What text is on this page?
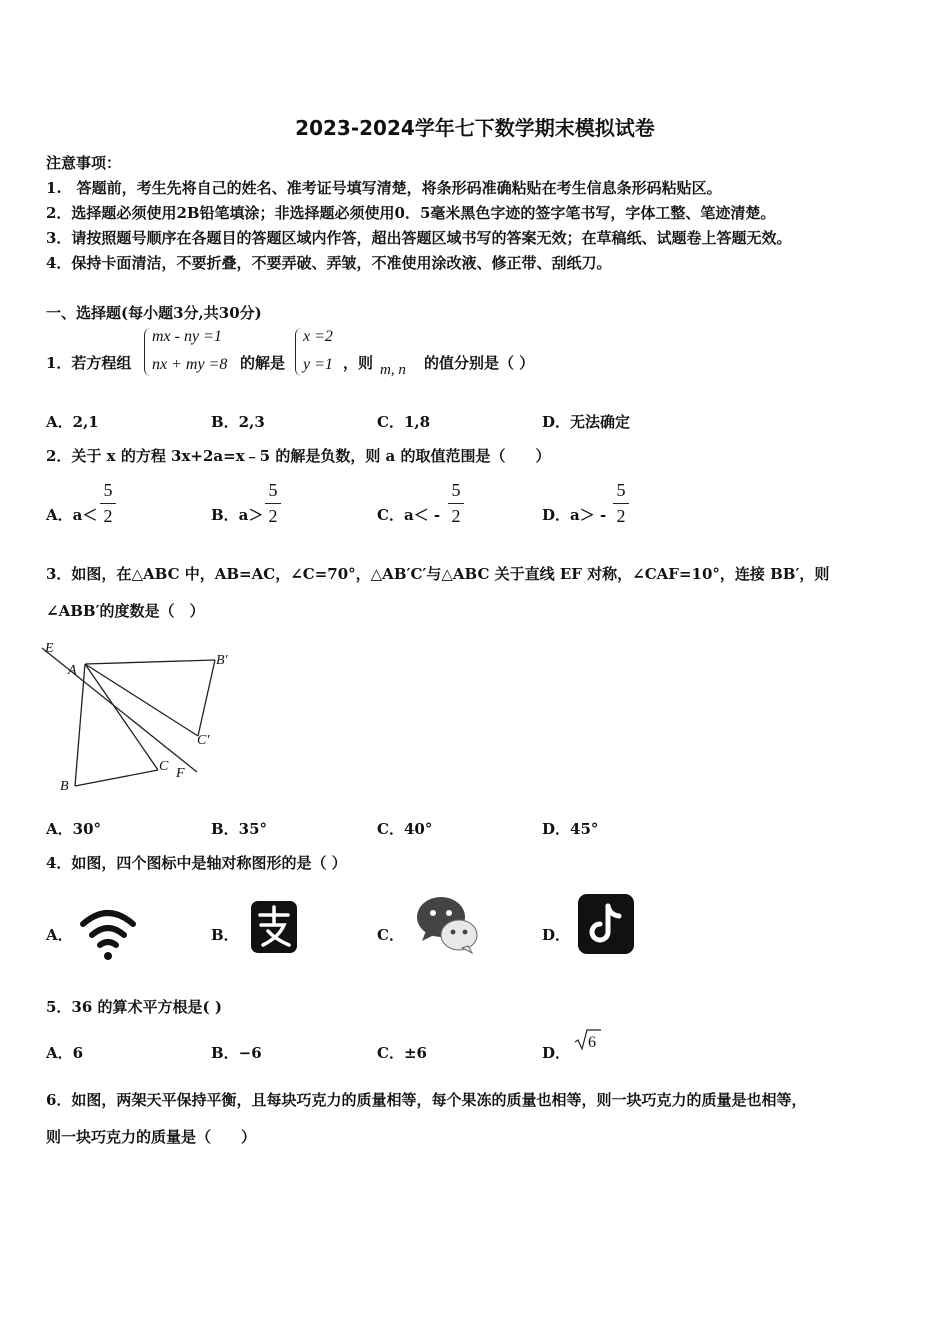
2023-2024学年七下数学期末模拟试卷
注意事项：
1.　答题前，考生先将自己的姓名、准考证号填写清楚，将条形码准确粘贴在考生信息条形码粘贴区。
2．选择题必须使用2B铅笔填涂；非选择题必须使用0．5毫米黑色字迹的签字笔书写，字体工整、笔迹清楚。
3．请按照题号顺序在各题目的答题区域内作答，超出答题区域书写的答案无效；在草稿纸、试题卷上答题无效。
4．保持卡面清洁，不要折叠，不要弄破、弄皱，不准使用涂改液、修正带、刮纸刀。
一、选择题(每小题3分,共30分)
1．若方程组
mx - ny =1
nx + my =8 的解是
x =2
y =1 ，则 m, n 的值分别是（ ）
A．2,1	B．2,3	C．1,8	D．无法确定
2．关于 x 的方程 3x+2a=x﹣5 的解是负数，则 a 的取值范围是（　　）
A．a＜
5
2	B．a＞
5
2	C．a＜ -
5
2	D．a＞ -
5
2
3．如图，在△ABC 中，AB=AC，∠C=70°，△AB′C′与△ABC 关于直线 EF 对称，∠CAF=10°，连接 BB′，则
∠ABB′的度数是（　）
E
A
B′
C′
B
C F
A．30°	B．35°	C．40°	D．45°
4．如图，四个图标中是轴对称图形的是（ ）
A．	B．	C．	D．
5．36 的算术平方根是( )
A．6	B．−6	C．±6	D．
6
6．如图，两架天平保持平衡，且每块巧克力的质量相等，每个果冻的质量也相等，则一块巧克力的质量是也相等，
则一块巧克力的质量是（　　）
